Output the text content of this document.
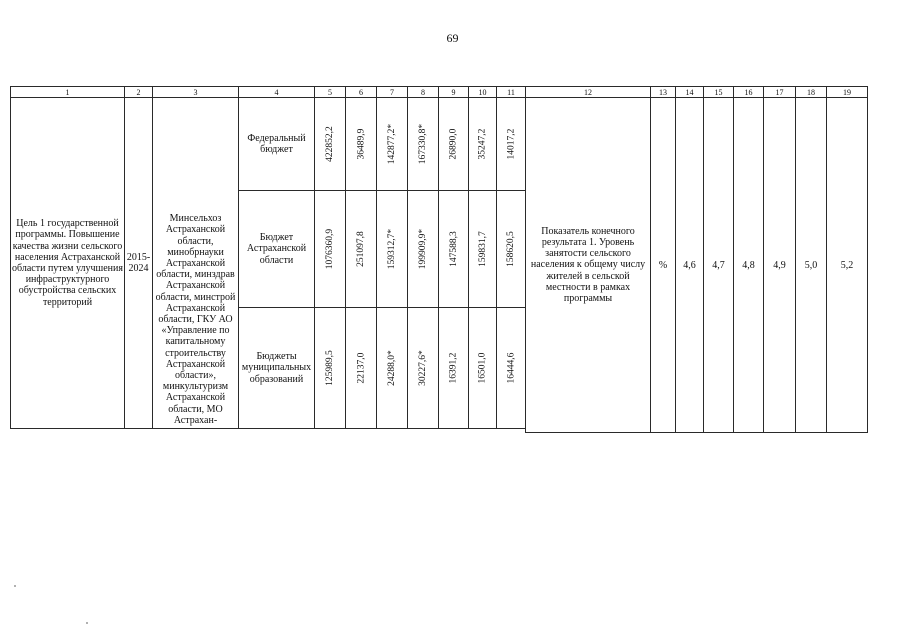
69
1	2	3	4	5	6	7	8	9	10	11	12	13	14	15	16	17	18	19
Цель 1 государственной программы. Повышение качества жизни сельского населения Астраханской области путем улучшения инфраструктурного обустройства сельских территорий
2015-2024
Минсельхоз Астраханской области, минобрнауки Астраханской области, минздрав Астраханской области, минстрой Астраханской области, ГКУ АО «Управление по капитальному строительству Астраханской области», минкультуризм Астраханской области, МО Астрахан-
Федеральный бюджет	422852,2 36489,9 142877,2* 167330,8* 26890,0 35247,2 14017,2
Бюджет Астраханской области	1076360,9 251097,8 159312,7* 199909,9* 147588,3 159831,7 158620,5
Бюджеты муниципальных образований	125989,5 22137,0 24288,0* 30227,6* 16391,2 16501,0 16444,6
Показатель конечного результата 1. Уровень занятости сельского населения к общему числу жителей в сельской местности в рамках программы
%	4,6	4,7	4,8	4,9	5,0	5,2
